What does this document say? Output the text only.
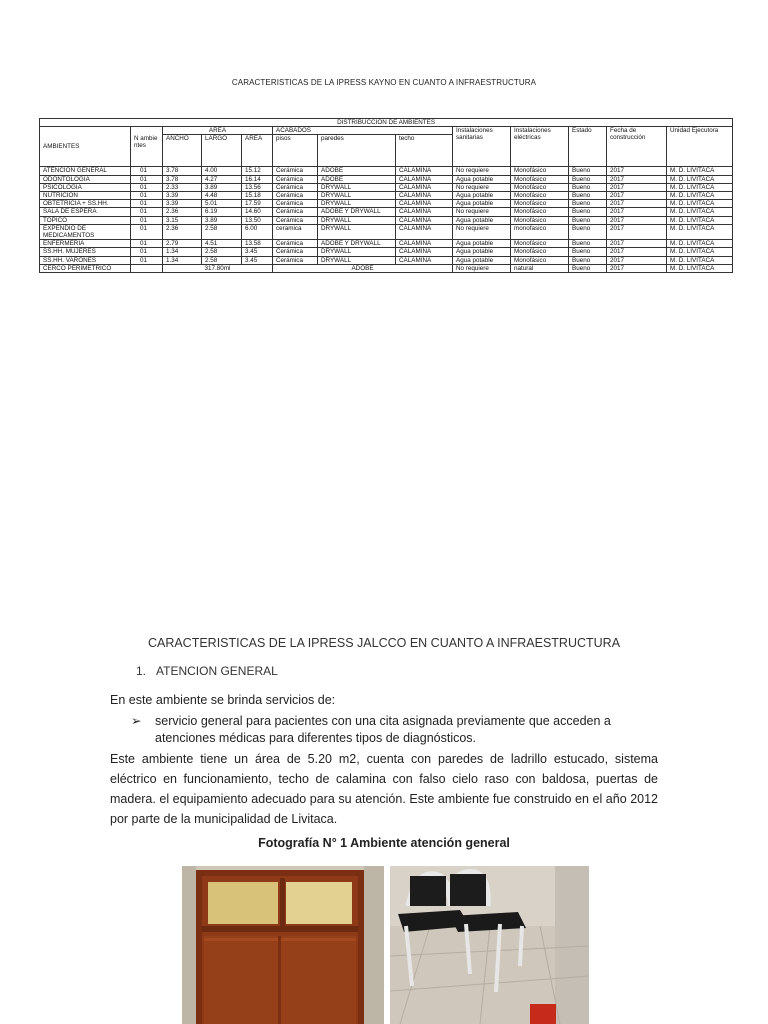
CARACTERISTICAS DE LA IPRESS KAYNO EN CUANTO A INFRAESTRUCTURA
DISTRIBUCCION DE AMBIENTES												
AMBIENTES	N ambie ntes	AREA			ACABADOS			Instalaciones sanitarias	Instalaciones eléctricas	Estado	Fecha de construcción	Unidad Ejecutora
		ANCHO	LARGO	AREA	pisos	paredes	techo					
ATENCION GENERAL	01	3.78	4.00	15.12	Cerámica	ADOBE	CALAMINA	No requiere	Monofásico	Bueno	2017	M. D. LIVITACA
ODONTOLOGIA	01	3.78	4.27	16.14	Cerámica	ADOBE	CALAMINA	Agua potable	Monofásico	Bueno	2017	M. D. LIVITACA
PSICOLOGIA	01	2.33	3.89	13.56	Cerámica	DRYWALL	CALAMINA	No requiere	Monofásico	Bueno	2017	M. D. LIVITACA
NUTRICION	01	3.39	4.48	15.18	Cerámica	DRYWALL	CALAMINA	Agua potable	Monofásico	Bueno	2017	M. D. LIVITACA
OBTETRICIA + SS.HH.	01	3.39	5.01	17.59	Cerámica	DRYWALL	CALAMINA	Agua potable	Monofásico	Bueno	2017	M. D. LIVITACA
SALA DE ESPERA	01	2.36	6.19	14.60	Cerámica	ADOBE Y DRYWALL	CALAMINA	No requiere	Monofásico	Bueno	2017	M. D. LIVITACA
TOPICO	01	3.15	3.89	13.50	Cerámica	DRYWALL	CALAMINA	Agua potable	Monofásico	Bueno	2017	M. D. LIVITACA
EXPENDIO DE MEDICAMENTOS	01	2.36	2.58	6.00	ceramica	DRYWALL	CALAMINA	No requiere	monofasico	Bueno	2017	M. D. LIVITACA
ENFERMERIA	01	2.79	4.51	13.58	Cerámica	ADOBE Y DRYWALL	CALAMINA	Agua potable	Monofásico	Bueno	2017	M. D. LIVITACA
SS.HH. MUJERES	01	1.34	2.58	3.45	Cerámica	DRYWALL	CALAMINA	Agua potable	Monofásico	Bueno	2017	M. D. LIVITACA
SS.HH. VARONES	01	1.34	2.58	3.45	Cerámica	DRYWALL	CALAMINA	Agua potable	Monofásico	Bueno	2017	M. D. LIVITACA
CERCO PERIMÉTRICO		317.80ml			ADOBE			No requiere	natural	Bueno	2017	M. D. LIVITACA
CARACTERISTICAS DE LA IPRESS JALCCO EN CUANTO A INFRAESTRUCTURA
1. ATENCION GENERAL
En este ambiente se brinda servicios de:
➢	servicio general para pacientes con una cita asignada previamente que acceden a
atenciones médicas para diferentes tipos de diagnósticos.
Este ambiente tiene un área de 5.20 m2, cuenta con paredes de ladrillo estucado, sistema eléctrico en funcionamiento, techo de calamina con falso cielo raso con baldosa, puertas de madera. el equipamiento adecuado para su atención. Este ambiente fue construido en el año 2012 por parte de la municipalidad de Livitaca.
Fotografía N° 1 Ambiente atención general
